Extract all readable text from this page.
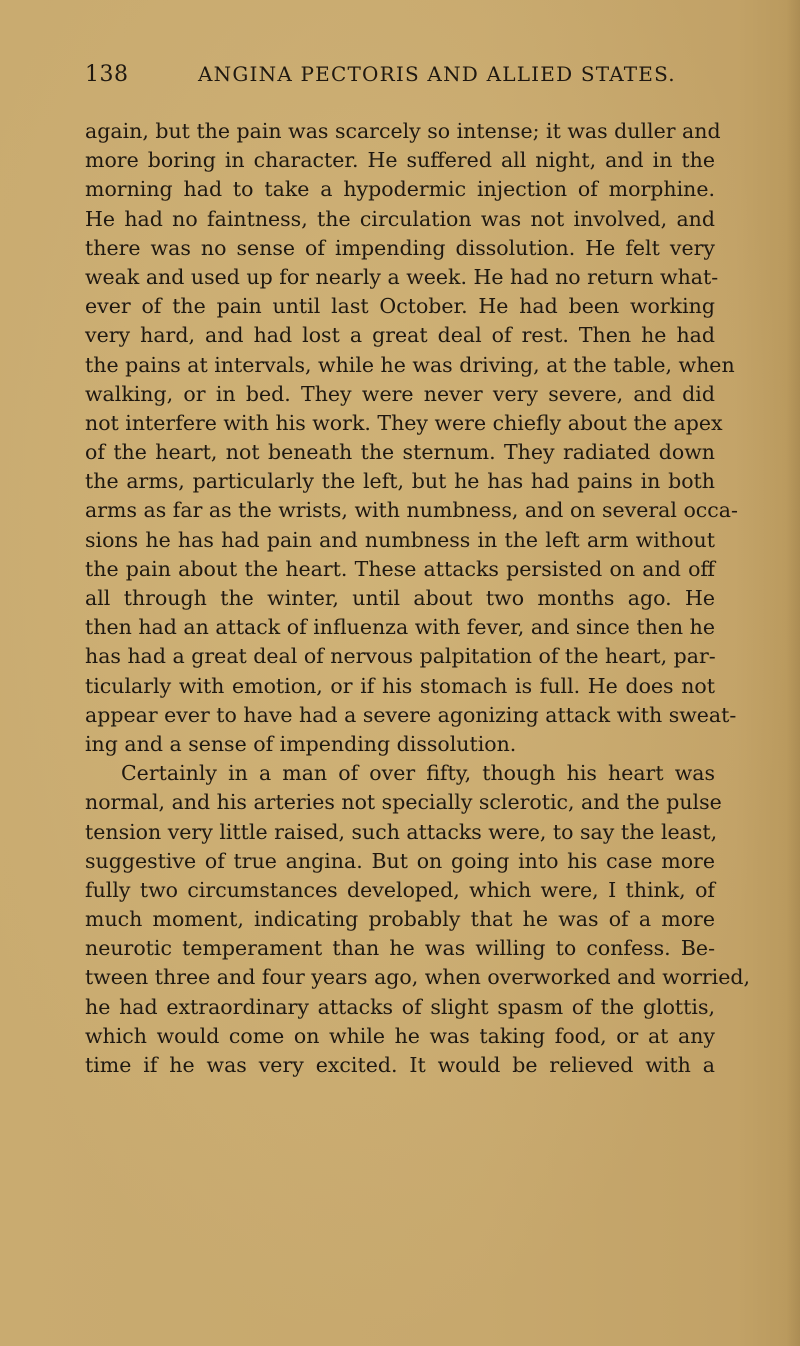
138	ANGINA PECTORIS AND ALLIED STATES.
again, but the pain was scarcely so intense; it was duller and
more boring in character. He suffered all night, and in the
morning had to take a hypodermic injection of morphine.
He had no faintness, the circulation was not involved, and
there was no sense of impending dissolution. He felt very
weak and used up for nearly a week. He had no return what-
ever of the pain until last October. He had been working
very hard, and had lost a great deal of rest. Then he had
the pains at intervals, while he was driving, at the table, when
walking, or in bed. They were never very severe, and did
not interfere with his work. They were chiefly about the apex
of the heart, not beneath the sternum. They radiated down
the arms, particularly the left, but he has had pains in both
arms as far as the wrists, with numbness, and on several occa-
sions he has had pain and numbness in the left arm without
the pain about the heart. These attacks persisted on and off
all through the winter, until about two months ago. He
then had an attack of influenza with fever, and since then he
has had a great deal of nervous palpitation of the heart, par-
ticularly with emotion, or if his stomach is full. He does not
appear ever to have had a severe agonizing attack with sweat-
ing and a sense of impending dissolution.
Certainly in a man of over fifty, though his heart was
normal, and his arteries not specially sclerotic, and the pulse
tension very little raised, such attacks were, to say the least,
suggestive of true angina. But on going into his case more
fully two circumstances developed, which were, I think, of
much moment, indicating probably that he was of a more
neurotic temperament than he was willing to confess. Be-
tween three and four years ago, when overworked and worried,
he had extraordinary attacks of slight spasm of the glottis,
which would come on while he was taking food, or at any
time if he was very excited. It would be relieved with a
